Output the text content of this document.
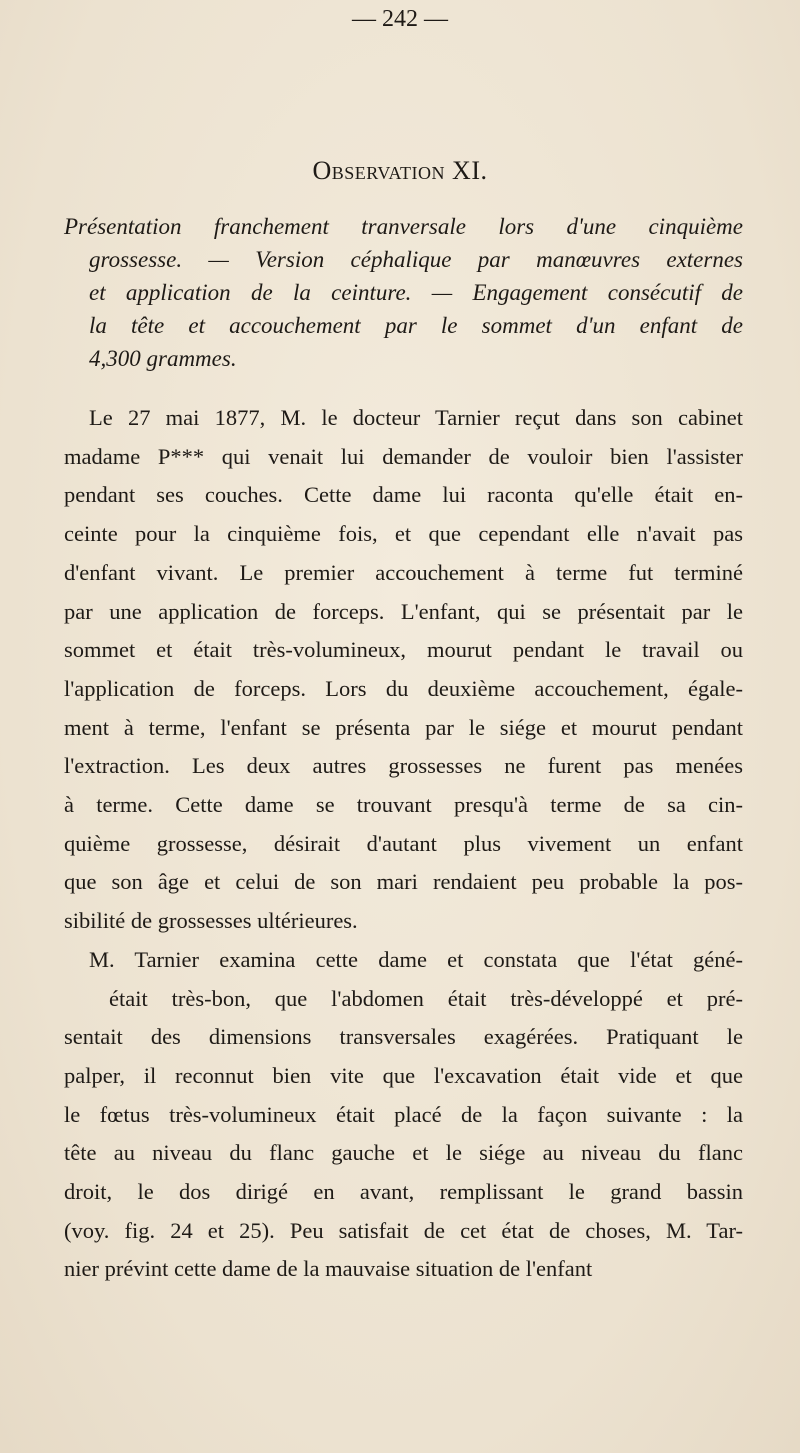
— 242 —
Observation XI.
Présentation franchement tranversale lors d'une cinquième
grossesse. — Version céphalique par manœuvres externes
et application de la ceinture. — Engagement consécutif de
la tête et accouchement par le sommet d'un enfant de
4,300 grammes.
Le 27 mai 1877, M. le docteur Tarnier reçut dans son cabinet
madame P*** qui venait lui demander de vouloir bien l'assister
pendant ses couches. Cette dame lui raconta qu'elle était en-
ceinte pour la cinquième fois, et que cependant elle n'avait pas
d'enfant vivant. Le premier accouchement à terme fut terminé
par une application de forceps. L'enfant, qui se présentait par le
sommet et était très-volumineux, mourut pendant le travail ou
l'application de forceps. Lors du deuxième accouchement, égale-
ment à terme, l'enfant se présenta par le siége et mourut pendant
l'extraction. Les deux autres grossesses ne furent pas menées
à terme. Cette dame se trouvant presqu'à terme de sa cin-
quième grossesse, désirait d'autant plus vivement un enfant
que son âge et celui de son mari rendaient peu probable la pos-
sibilité de grossesses ultérieures.
M. Tarnier examina cette dame et constata que l'état géné-
était très-bon, que l'abdomen était très-développé et pré-
sentait des dimensions transversales exagérées. Pratiquant le
palper, il reconnut bien vite que l'excavation était vide et que
le fœtus très-volumineux était placé de la façon suivante : la
tête au niveau du flanc gauche et le siége au niveau du flanc
droit, le dos dirigé en avant, remplissant le grand bassin
(voy. fig. 24 et 25). Peu satisfait de cet état de choses, M. Tar-
nier prévint cette dame de la mauvaise situation de l'enfant
